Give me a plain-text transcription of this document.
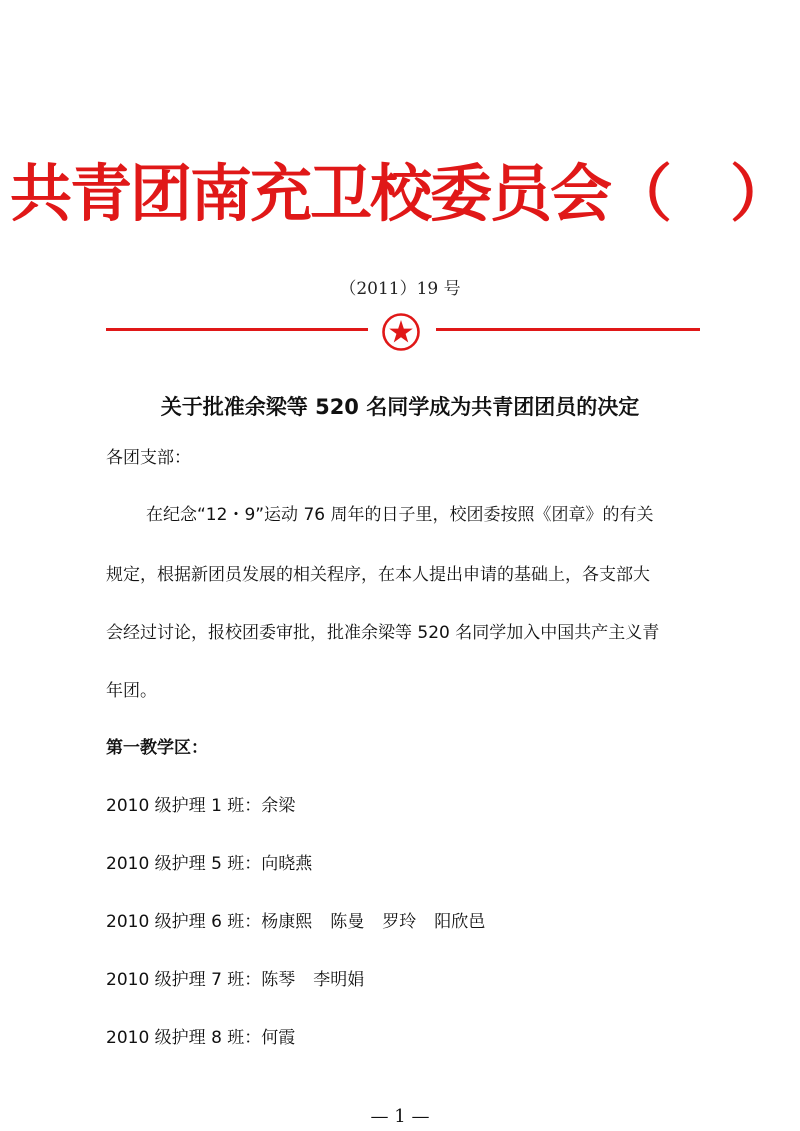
共青团南充卫校委员会（　）
（2011）19 号
关于批准余梁等 520 名同学成为共青团团员的决定
各团支部：
在纪念“12・9”运动 76 周年的日子里，校团委按照《团章》的有关
规定，根据新团员发展的相关程序，在本人提出申请的基础上，各支部大
会经过讨论，报校团委审批，批准余梁等 520 名同学加入中国共产主义青
年团。
第一教学区：
2010 级护理 1 班：余梁
2010 级护理 5 班：向晓燕
2010 级护理 6 班：杨康熙 陈曼 罗玲 阳欣邑
2010 级护理 7 班：陈琴 李明娟
2010 级护理 8 班：何霞
— 1 —
